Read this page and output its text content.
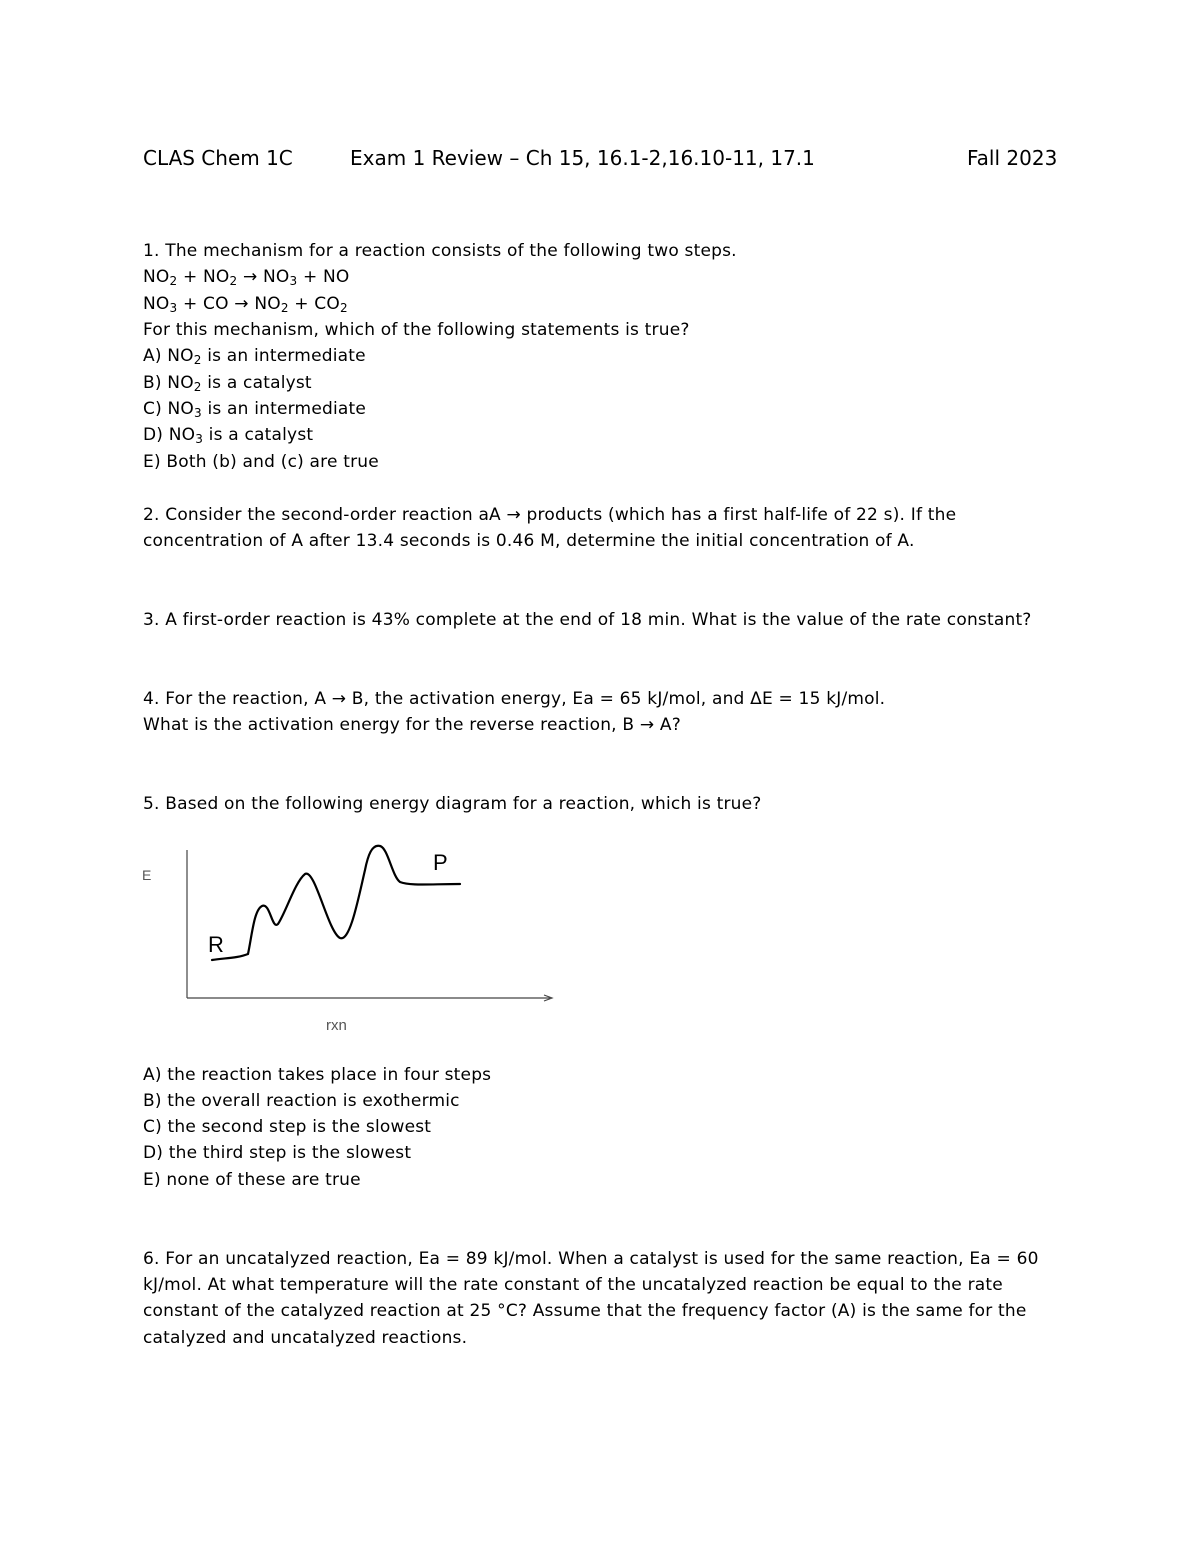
CLAS Chem 1C	Exam 1 Review – Ch 15, 16.1-2,16.10-11, 17.1	Fall 2023
1. The mechanism for a reaction consists of the following two steps.
$NO_2 + NO_2 \to NO_3$ + NO
$NO_3$ + CO → $NO_2 + CO_2$
For this mechanism, which of the following statements is true?
A) $NO_2$ is an intermediate
B) $NO_2$ is a catalyst
C) $NO_3$ is an intermediate
D) $NO_3$ is a catalyst
E) Both (b) and (c) are true
2. Consider the second-order reaction aA → products (which has a first half-life of 22 s). If the
concentration of A after 13.4 seconds is 0.46 M, determine the initial concentration of A.
3. A first-order reaction is 43% complete at the end of 18 min. What is the value of the rate constant?
4. For the reaction, A → B, the activation energy, Ea = 65 kJ/mol, and ΔE = 15 kJ/mol.
What is the activation energy for the reverse reaction, B → A?
5. Based on the following energy diagram for a reaction, which is true?
R
P
E
rxn
A) the reaction takes place in four steps
B) the overall reaction is exothermic
C) the second step is the slowest
D) the third step is the slowest
E) none of these are true
6. For an uncatalyzed reaction, Ea = 89 kJ/mol. When a catalyst is used for the same reaction, Ea = 60
kJ/mol. At what temperature will the rate constant of the uncatalyzed reaction be equal to the rate
constant of the catalyzed reaction at 25 °C? Assume that the frequency factor (A) is the same for the
catalyzed and uncatalyzed reactions.
